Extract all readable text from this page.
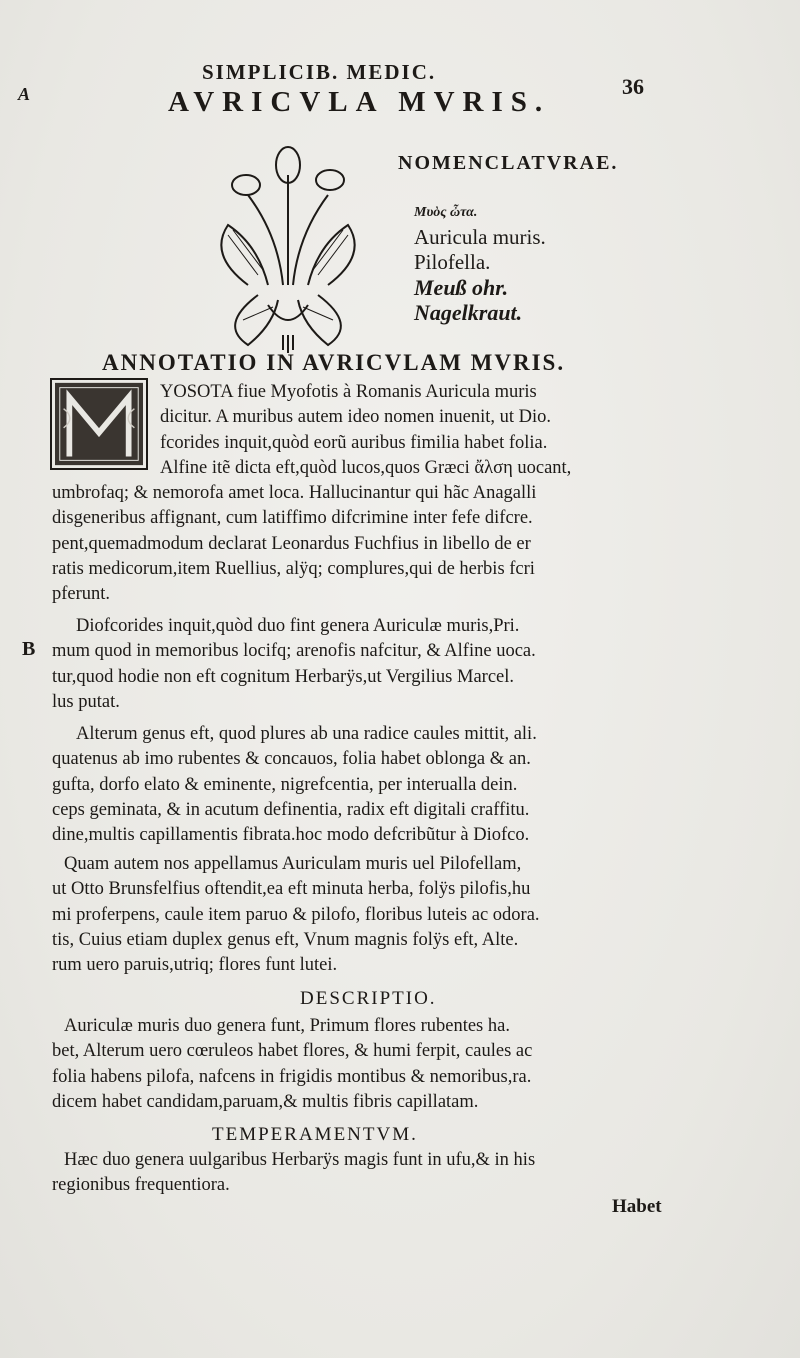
A
SIMPLICIB. MEDIC.
36
AVRICVLA MVRIS.
NOMENCLATVRAE.
Μυὸς ὦτα.
Auricula muris.
Pilofella.
Meuß ohr.
Nagelkraut.
ANNOTATIO IN AVRICVLAM MVRIS.
YOSOTA fiue Myofotis à Romanis Auricula muris
dicitur. A muribus autem ideo nomen inuenit, ut Dio.
fcorides inquit,quòd eorũ auribus fimilia habet folia.
Alfine itẽ dicta eft,quòd lucos,quos Græci ἄλση uocant,
umbrofaq; & nemorofa amet loca. Hallucinantur qui hãc Anagalli
disgeneribus affignant, cum latiffimo difcrimine inter fefe difcre.
pent,quemadmodum declarat Leonardus Fuchfius in libello de er
ratis medicorum,item Ruellius, alÿq; complures,qui de herbis fcri
pferunt.
B
Diofcorides inquit,quòd duo fint genera Auriculæ muris,Pri.
mum quod in memoribus locifq; arenofis nafcitur, & Alfine uoca.
tur,quod hodie non eft cognitum Herbarÿs,ut Vergilius Marcel.
lus putat.
Alterum genus eft, quod plures ab una radice caules mittit, ali.
quatenus ab imo rubentes & concauos, folia habet oblonga & an.
gufta, dorfo elato & eminente, nigrefcentia, per interualla dein.
ceps geminata, & in acutum definentia, radix eft digitali craffitu.
dine,multis capillamentis fibrata.hoc modo defcribũtur à Diofco.
Quam autem nos appellamus Auriculam muris uel Pilofellam,
ut Otto Brunsfelfius oftendit,ea eft minuta herba, folÿs pilofis,hu
mi proferpens, caule item paruo & pilofo, floribus luteis ac odora.
tis, Cuius etiam duplex genus eft, Vnum magnis folÿs eft, Alte.
rum uero paruis,utriq; flores funt lutei.
DESCRIPTIO.
Auriculæ muris duo genera funt, Primum flores rubentes ha.
bet, Alterum uero cœruleos habet flores, & humi ferpit, caules ac
folia habens pilofa, nafcens in frigidis montibus & nemoribus,ra.
dicem habet candidam,paruam,& multis fibris capillatam.
TEMPERAMENTVM.
Hæc duo genera uulgaribus Herbarÿs magis funt in ufu,& in his
regionibus frequentiora.
Habet
